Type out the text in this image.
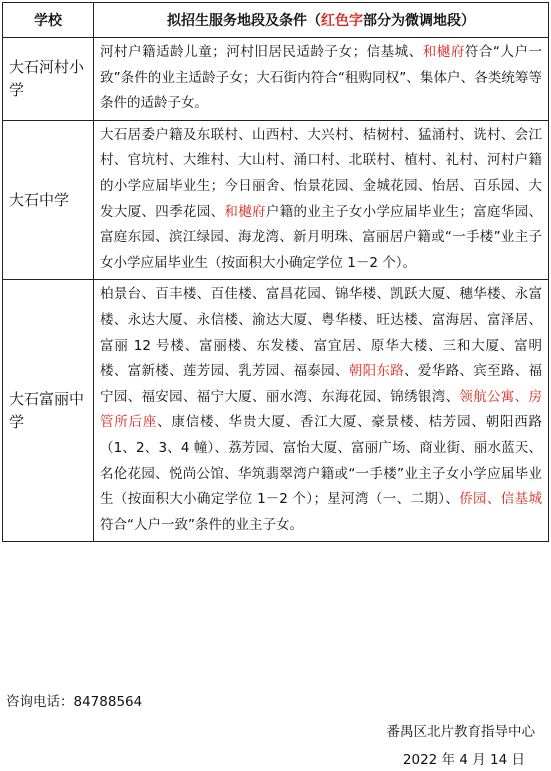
学校	拟招生服务地段及条件（红色字部分为微调地段）
大石河村小学	河村户籍适龄儿童；河村旧居民适龄子女；信基城、和樾府符合“人户一致”条件的业主适龄子女；大石街内符合“租购同权”、集体户、各类统筹等条件的适龄子女。
大石中学	大石居委户籍及东联村、山西村、大兴村、桔树村、猛涌村、诜村、会江村、官坑村、大维村、大山村、涌口村、北联村、植村、礼村、河村户籍的小学应届毕业生；今日丽舍、怡景花园、金城花园、怡居、百乐园、大发大厦、四季花园、和樾府户籍的业主子女小学应届毕业生；富庭华园、富庭东园、滨江绿园、海龙湾、新月明珠、富丽居户籍或“一手楼”业主子女小学应届毕业生（按面积大小确定学位 1－2 个）。
大石富丽中学	柏景台、百丰楼、百佳楼、富昌花园、锦华楼、凯跃大厦、穗华楼、永富楼、永达大厦、永信楼、渝达大厦、粤华楼、旺达楼、富海居、富泽居、富丽 12 号楼、富丽楼、东发楼、富宜居、原华大楼、三和大厦、富明楼、富新楼、莲芳园、乳芳园、福泰园、朝阳东路、爱华路、宾至路、福宁园、福安园、福宁大厦、丽水湾、东海花园、锦绣银湾、领航公寓、房管所后座、康信楼、华贵大厦、香江大厦、豪景楼、桔芳园、朝阳西路（1、2、3、4 幢）、荔芳园、富怡大厦、富丽广场、商业街、丽水蓝天、名伦花园、悦尚公馆、华筑翡翠湾户籍或“一手楼”业主子女小学应届毕业生（按面积大小确定学位 1－2 个）；星河湾（一、二期）、侨园、信基城符合“人户一致”条件的业主子女。
咨询电话：84788564
番禺区北片教育指导中心
2022 年 4 月 14 日
